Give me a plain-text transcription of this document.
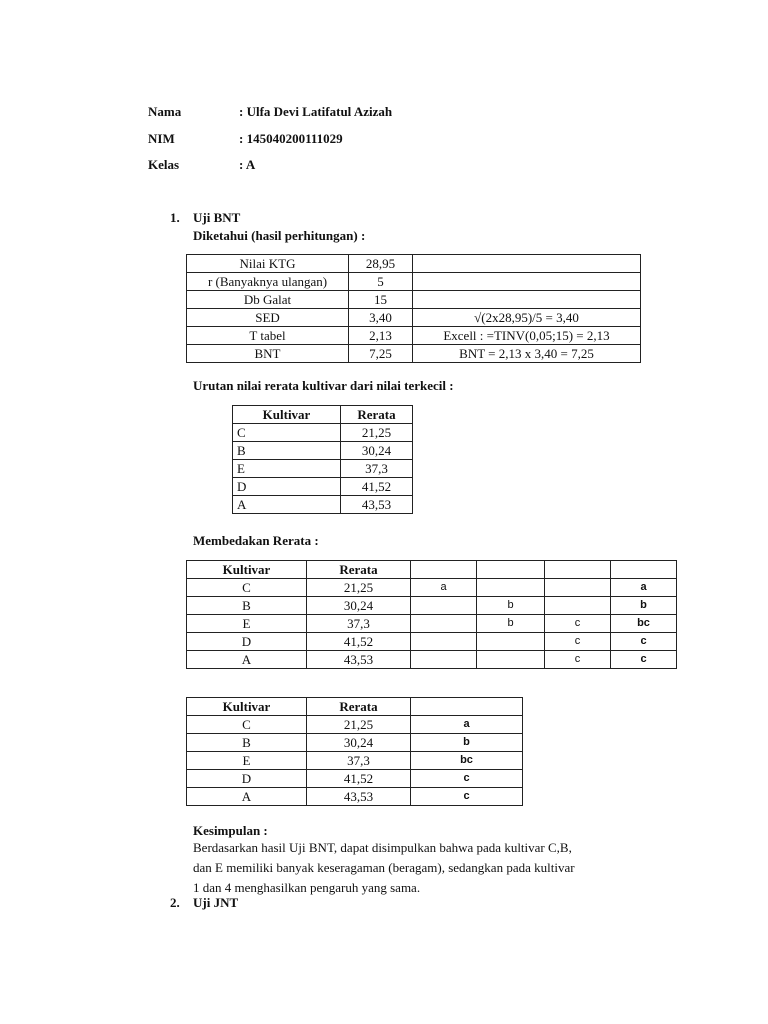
Nama	: Ulfa Devi Latifatul Azizah
NIM	: 145040200111029
Kelas	: A
1. Uji BNT
Diketahui (hasil perhitungan) :
Nilai KTG	28,95	
r (Banyaknya ulangan)	5	
Db Galat	15	
SED	3,40	√(2x28,95)/5 = 3,40
T tabel	2,13	Excell : =TINV(0,05;15) = 2,13
BNT	7,25	BNT = 2,13 x 3,40 = 7,25
Urutan nilai rerata kultivar dari nilai terkecil :
Kultivar	Rerata
C	21,25
B	30,24
E	37,3
D	41,52
A	43,53
Membedakan Rerata :
Kultivar	Rerata				
C	21,25	a			a
B	30,24		b		b
E	37,3		b	c	bc
D	41,52			c	c
A	43,53			c	c
Kultivar	Rerata	
C	21,25	a
B	30,24	b
E	37,3	bc
D	41,52	c
A	43,53	c
Kesimpulan :
Berdasarkan hasil Uji BNT, dapat disimpulkan bahwa pada kultivar C,B,
dan E memiliki banyak keseragaman (beragam), sedangkan pada kultivar
1 dan 4 menghasilkan pengaruh yang sama.
2. Uji JNT
